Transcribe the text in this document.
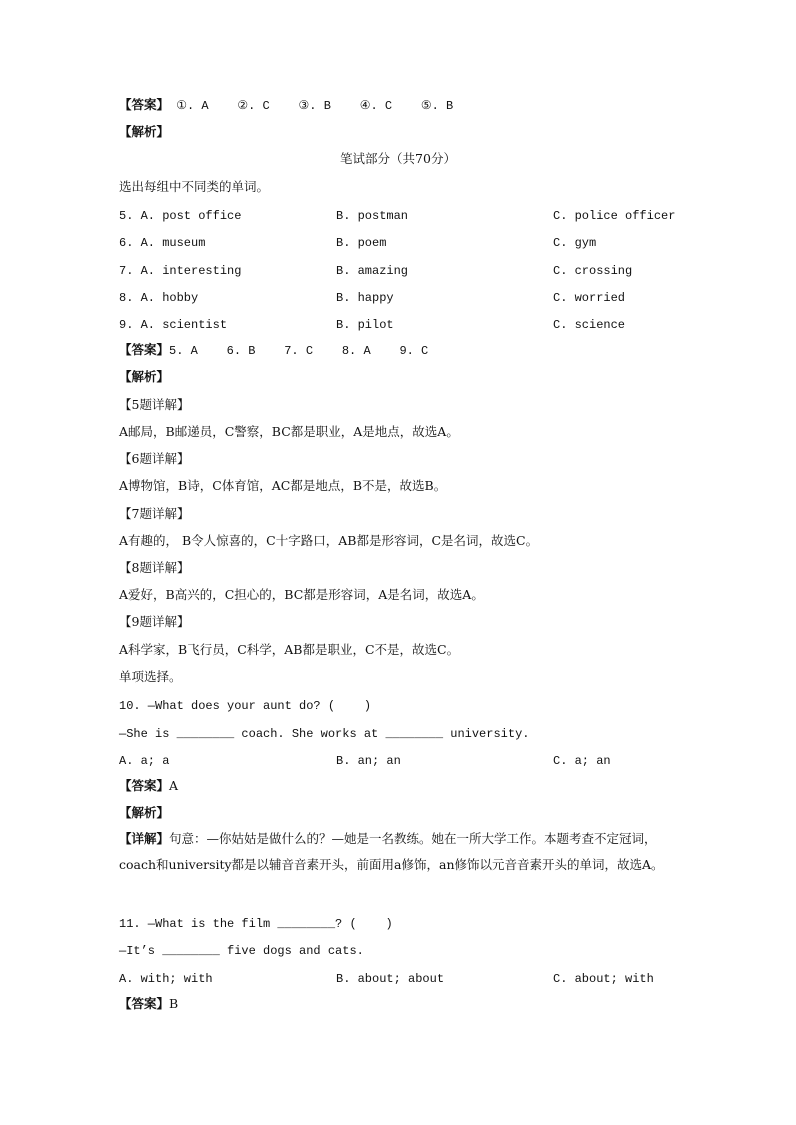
【答案】 ①. A    ②. C    ③. B    ④. C    ⑤. B
【解析】
笔试部分（共70分）
选出每组中不同类的单词。
5. A. post office	B. postman	C. police officer
6. A. museum	B. poem	C. gym
7. A. interesting	B. amazing	C. crossing
8. A. hobby	B. happy	C. worried
9. A. scientist	B. pilot	C. science
【答案】5. A    6. B    7. C    8. A    9. C
【解析】
【5题详解】
A邮局，B邮递员，C警察，BC都是职业，A是地点，故选A。
【6题详解】
A博物馆，B诗，C体育馆，AC都是地点，B不是，故选B。
【7题详解】
A有趣的， B令人惊喜的，C十字路口，AB都是形容词，C是名词，故选C。
【8题详解】
A爱好，B高兴的，C担心的，BC都是形容词，A是名词，故选A。
【9题详解】
A科学家，B飞行员，C科学，AB都是职业，C不是，故选C。
单项选择。
10. —What does your aunt do? (    )
—She is ________ coach. She works at ________ university.
A. a; a	B. an; an	C. a; an
【答案】A
【解析】
【详解】句意：—你姑姑是做什么的？—她是一名教练。她在一所大学工作。本题考查不定冠词，coach和university都是以辅音音素开头，前面用a修饰，an修饰以元音音素开头的单词，故选A。
11. —What is the film ________? (    )
—It’s ________ five dogs and cats.
A. with; with	B. about; about	C. about; with
【答案】B
